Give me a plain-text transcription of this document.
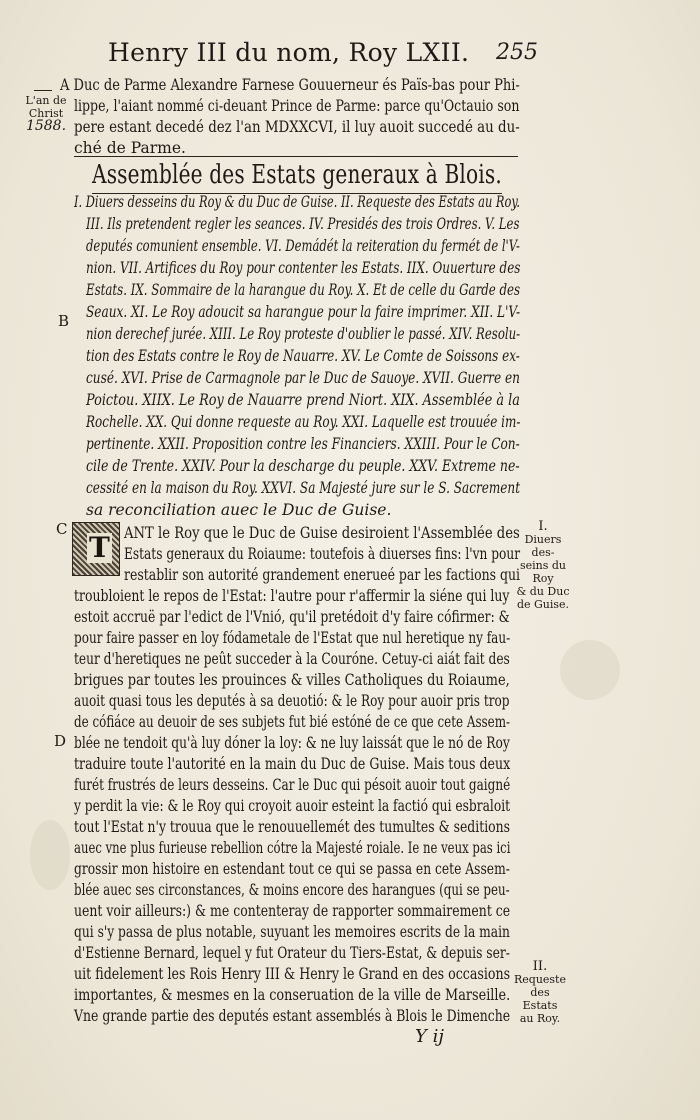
Henry III du nom, Roy LXII. 255
A Duc de Parme Alexandre Farnese Gouuerneur és Païs-bas pour Phi-
lippe, l'aiant nommé ci-deuant Prince de Parme: parce qu'Octauio son
pere estant decedé dez l'an MDXXCVI, il luy auoit succedé au du-
ché de Parme.
L'an de
Christ
1588.
Assemblée des Estats generaux à Blois.
I. Diuers desseins du Roy & du Duc de Guise. II. Requeste des Estats au Roy.
III. Ils pretendent regler les seances. IV. Presidés des trois Ordres. V. Les
deputés comunient ensemble. VI. Demádét la reiteration du fermét de l'V-
nion. VII. Artifices du Roy pour contenter les Estats. IIX. Ouuerture des
Estats. IX. Sommaire de la harangue du Roy. X. Et de celle du Garde des
Seaux. XI. Le Roy adoucit sa harangue pour la faire imprimer. XII. L'V-
nion derechef jurée. XIII. Le Roy proteste d'oublier le passé. XIV. Resolu-
tion des Estats contre le Roy de Nauarre. XV. Le Comte de Soissons ex-
cusé. XVI. Prise de Carmagnole par le Duc de Sauoye. XVII. Guerre en
Poictou. XIIX. Le Roy de Nauarre prend Niort. XIX. Assemblée à la
Rochelle. XX. Qui donne requeste au Roy. XXI. Laquelle est trouuée im-
pertinente. XXII. Proposition contre les Financiers. XXIII. Pour le Con-
cile de Trente. XXIV. Pour la descharge du peuple. XXV. Extreme ne-
cessité en la maison du Roy. XXVI. Sa Majesté jure sur le S. Sacrement
sa reconciliation auec le Duc de Guise.
B
T
C
D
ANT le Roy que le Duc de Guise desiroient l'Assemblée des
Estats generaux du Roiaume: toutefois à diuerses fins: l'vn pour
restablir son autorité grandement enerueé par les factions qui
troubloient le repos de l'Estat: l'autre pour r'affermir la siéne qui luy
estoit accruë par l'edict de l'Vnió, qu'il pretédoit d'y faire cófirmer: &
pour faire passer en loy fódametale de l'Estat que nul heretique ny fau-
teur d'heretiques ne peût succeder à la Couróne. Cetuy-ci aiát fait des
brigues par toutes les prouinces & villes Catholiques du Roiaume,
auoit quasi tous les deputés à sa deuotió: & le Roy pour auoir pris trop
de cófiáce au deuoir de ses subjets fut bié estóné de ce que cete Assem-
blée ne tendoit qu'à luy dóner la loy: & ne luy laissát que le nó de Roy
traduire toute l'autorité en la main du Duc de Guise. Mais tous deux
furét frustrés de leurs desseins. Car le Duc qui pésoit auoir tout gaigné
y perdit la vie: & le Roy qui croyoit auoir esteint la factió qui esbraloit
tout l'Estat n'y trouua que le renouuellemét des tumultes & seditions
auec vne plus furieuse rebellion cótre la Majesté roiale. Ie ne veux pas ici
grossir mon histoire en estendant tout ce qui se passa en cete Assem-
blée auec ses circonstances, & moins encore des harangues (qui se peu-
uent voir ailleurs:) & me contenteray de rapporter sommairement ce
qui s'y passa de plus notable, suyuant les memoires escrits de la main
d'Estienne Bernard, lequel y fut Orateur du Tiers-Estat, & depuis ser-
uit fidelement les Rois Henry III & Henry le Grand en des occasions
importantes, & mesmes en la conseruation de la ville de Marseille.
Vne grande partie des deputés estant assemblés à Blois le Dimenche
I.
Diuers des-
seins du Roy
& du Duc
de Guise.
II.
Requeste
des Estats
au Roy.
Y ij
